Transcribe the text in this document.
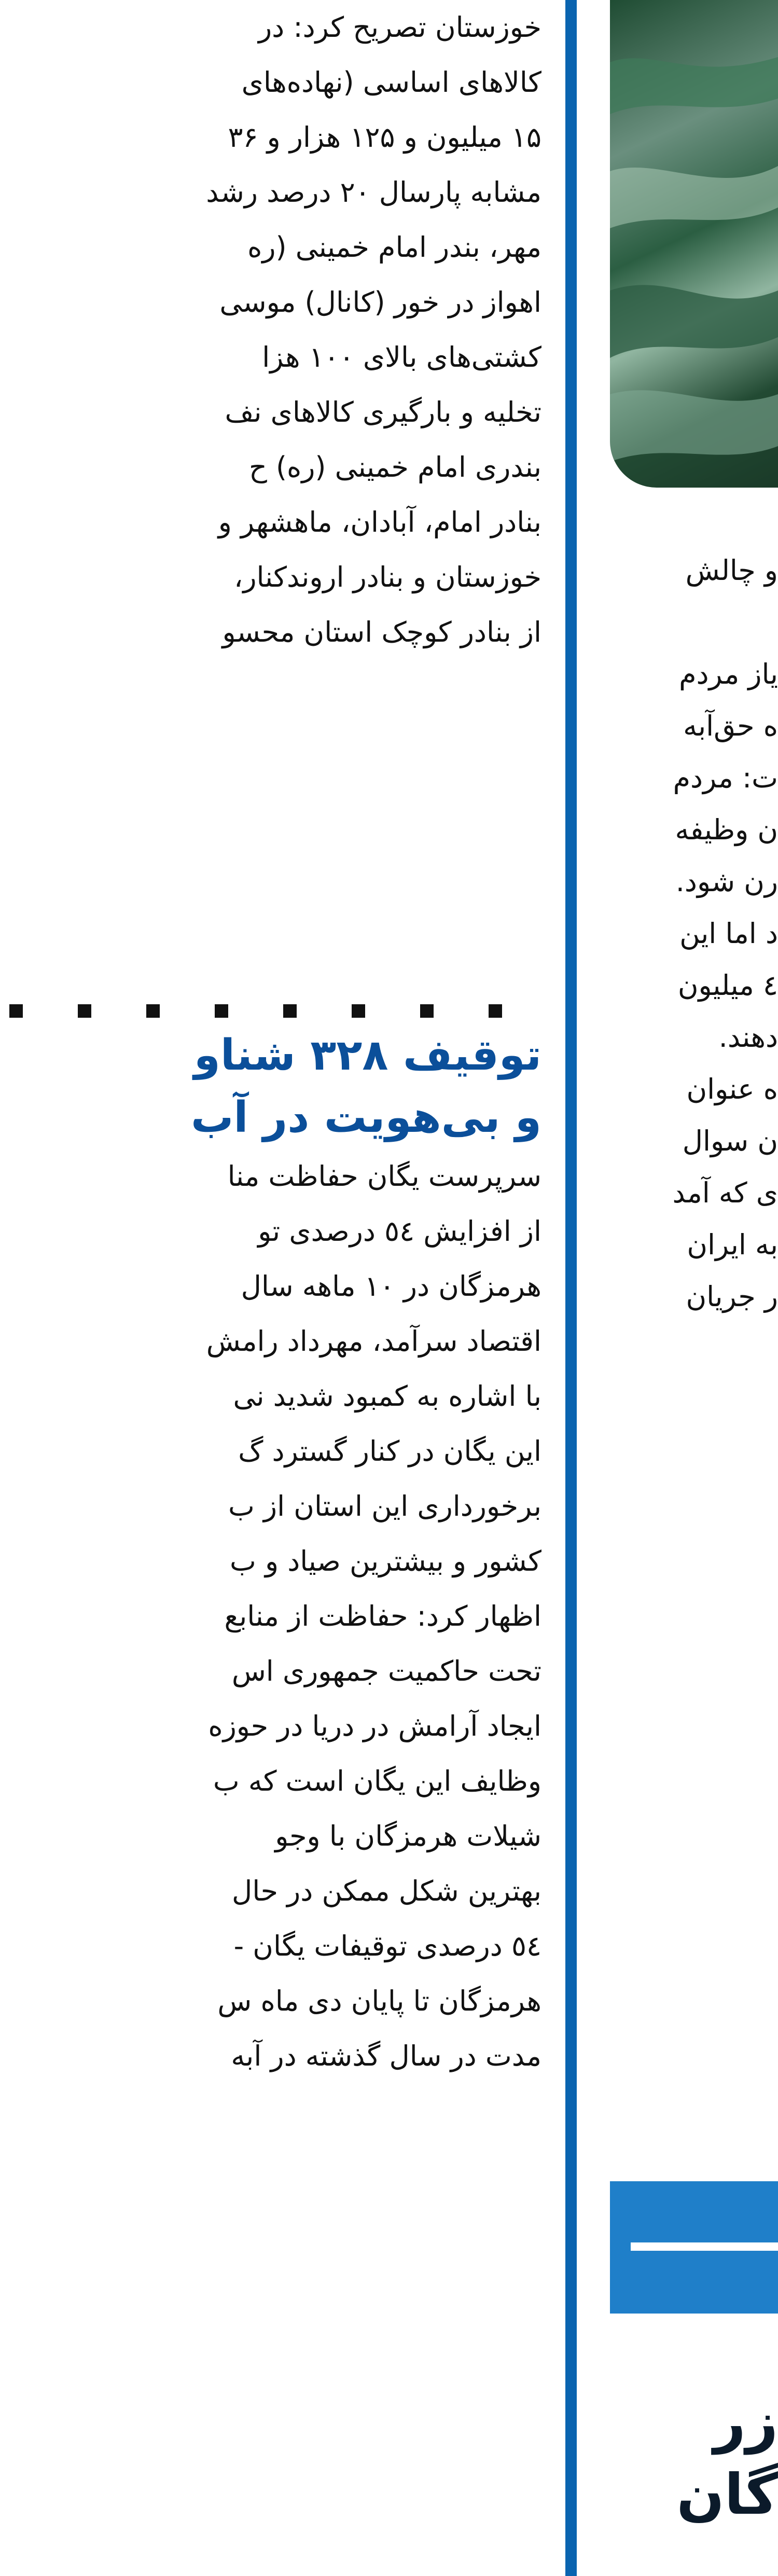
خوزستان تصریح کرد: در
کالاهای اساسی (نهاده‌های
۱۵ میلیون و ۱۲۵ هزار و ۳۶
مشابه پارسال ۲۰ درصد رشد
مهر، بندر امام خمینی (ره
اهواز در خور (کانال) موسی
کشتی‌های بالای ۱۰۰ هزا
تخلیه و بارگیری کالاهای نف
بندری امام خمینی (ره) ح
بنادر امام، آبادان، ماهشهر و
خوزستان و بنادر اروندکنار،
از بنادر کوچک استان محسو
توقیف ۳۲۸ شناو
و بی‌هویت در آب
سرپرست یگان حفاظت منا
از افزایش ٥٤ درصدی تو
هرمزگان در ۱۰ ماهه سال
اقتصاد سرآمد، مهرداد رامش
با اشاره به کمبود شدید نی
این یگان در کنار گسترد گ
برخورداری این استان از ب
کشور و بیشترین صیاد و ب
اظهار کرد: حفاظت از منابع
تحت حاکمیت جمهوری اس
ایجاد آرامش در دریا در حوزه
وظایف این یگان است که ب
شیلات هرمزگان با وجو
بهترین شکل ممکن در حال
٥٤ درصدی توقیفات یگان -
هرمزگان تا پایان دی ماه س
مدت در سال گذشته در آبه
و چالش
یاز مردم
ه حق‌آبه
ت: مردم
ن وظیفه
رن شود.
د اما این
٤ میلیون
دهند.
ه عنوان
ن سوال
ی که آمد
به ایران
ر جریان
زر
گان
